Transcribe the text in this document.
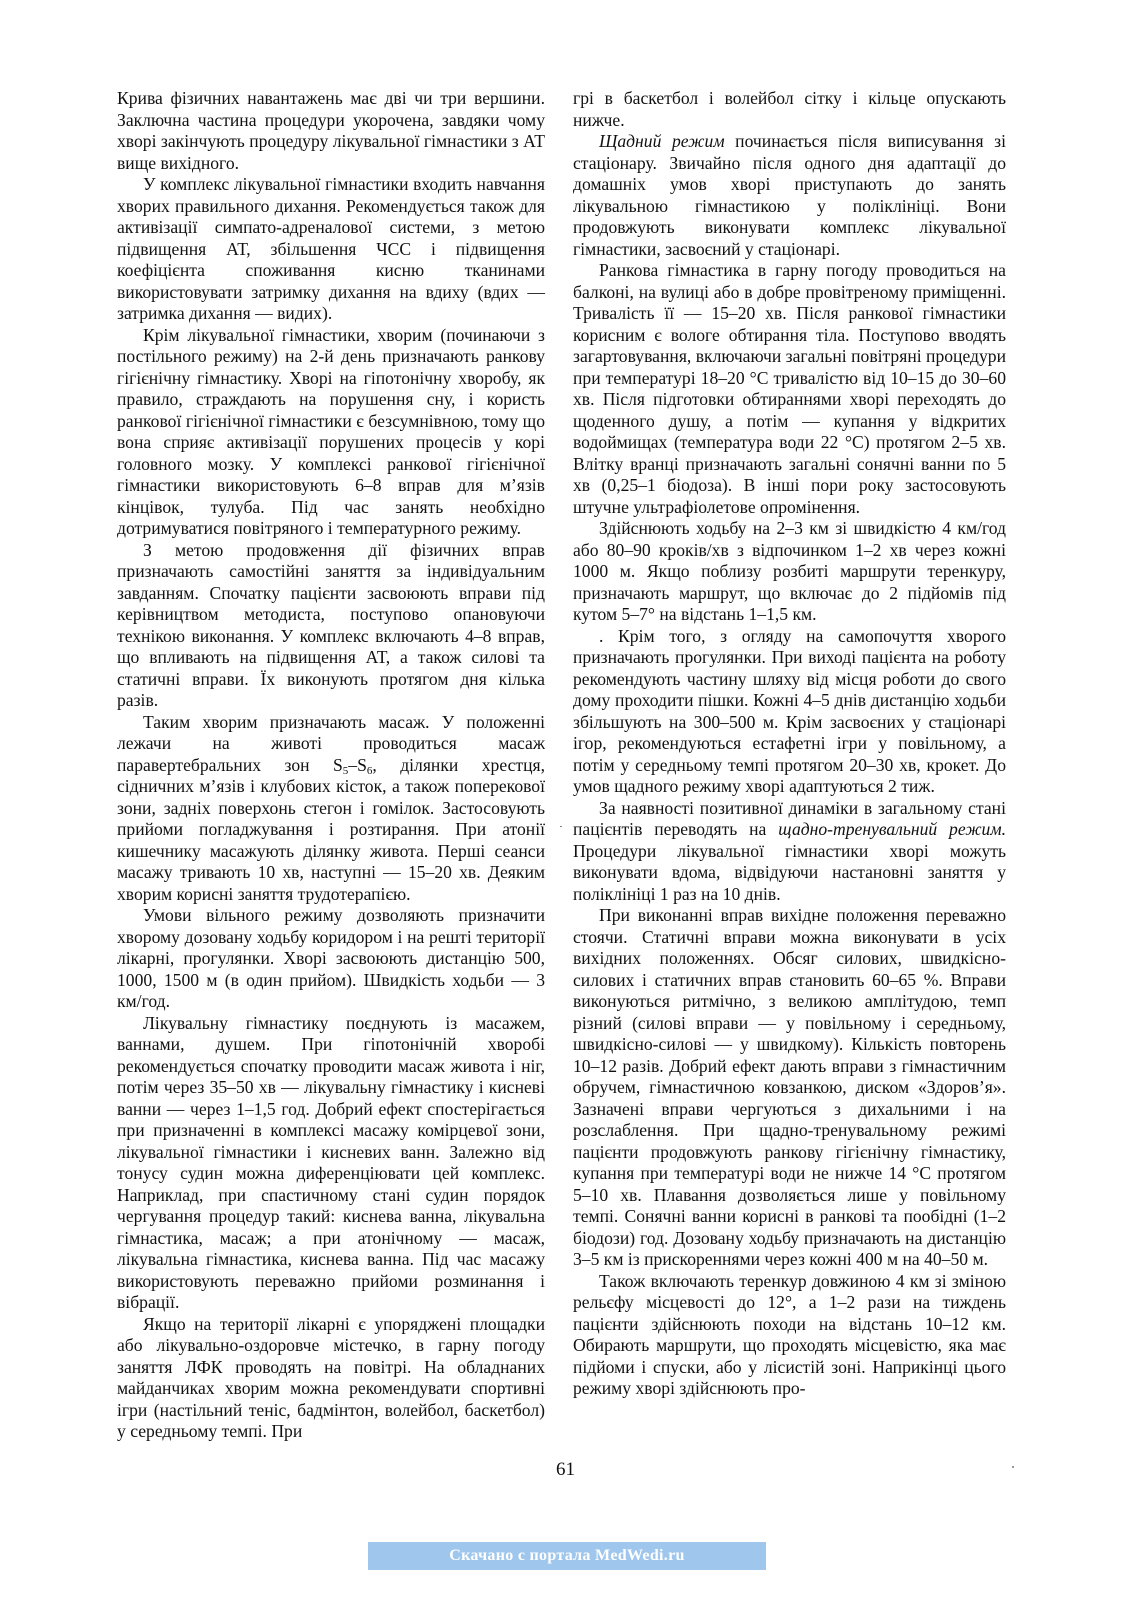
Крива фізичних навантажень має дві чи три вершини. Заключна частина процедури укорочена, завдяки чому хворі закінчують процедуру лікувальної гімнастики з АТ вище вихідного.

У комплекс лікувальної гімнастики входить навчання хворих правильного дихання. Рекомендується також для активізації симпато-адреналової системи, з метою підвищення АТ, збільшення ЧСС і підвищення коефіцієнта споживання кисню тканинами використовувати затримку дихання на вдиху (вдих — затримка дихання — видих).

Крім лікувальної гімнастики, хворим (починаючи з постільного режиму) на 2-й день призначають ранкову гігієнічну гімнастику. Хворі на гіпотонічну хворобу, як правило, страждають на порушення сну, і користь ранкової гігієнічної гімнастики є безсумнівною, тому що вона сприяє активізації порушених процесів у корі головного мозку. У комплексі ранкової гігієнічної гімнастики використовують 6–8 вправ для м’язів кінцівок, тулуба. Під час занять необхідно дотримуватися повітряного і температурного режиму.

З метою продовження дії фізичних вправ призначають самостійні заняття за індивідуальним завданням. Спочатку пацієнти засвоюють вправи під керівництвом методиста, поступово опановуючи технікою виконання. У комплекс включають 4–8 вправ, що впливають на підвищення АТ, а також силові та статичні вправи. Їх виконують протягом дня кілька разів.

Таким хворим призначають масаж. У положенні лежачи на животі проводиться масаж паравертебральних зон $S_5-S_6$, ділянки хрестця, сідничних м’язів і клубових кісток, а також поперекової зони, задніх поверхонь стегон і гомілок. Застосовують прийоми погладжування і розтирання. При атонії кишечнику масажують ділянку живота. Перші сеанси масажу тривають 10 хв, наступні — 15–20 хв. Деяким хворим корисні заняття трудотерапією.

Умови вільного режиму дозволяють призначити хворому дозовану ходьбу коридором і на решті території лікарні, прогулянки. Хворі засвоюють дистанцію 500, 1000, 1500 м (в один прийом). Швидкість ходьби — 3 км/год.

Лікувальну гімнастику поєднують із масажем, ваннами, душем. При гіпотонічній хворобі рекомендується спочатку проводити масаж живота і ніг, потім через 35–50 хв — лікувальну гімнастику і кисневі ванни — через 1–1,5 год. Добрий ефект спостерігається при призначенні в комплексі масажу комірцевої зони, лікувальної гімнастики і кисневих ванн. Залежно від тонусу судин можна диференціювати цей комплекс. Наприклад, при спастичному стані судин порядок чергування процедур такий: киснева ванна, лікувальна гімнастика, масаж; а при атонічному — масаж, лікувальна гімнастика, киснева ванна. Під час масажу використовують переважно прийоми розминання і вібрації.

Якщо на території лікарні є упоряджені площадки або лікувально-оздоровче містечко, в гарну погоду заняття ЛФК проводять на повітрі. На обладнаних майданчиках хворим можна рекомендувати спортивні ігри (настільний теніс, бадмінтон, волейбол, баскетбол) у середньому темпі. При

грі в баскетбол і волейбол сітку і кільце опускають нижче.

Щадний режим починається після виписування зі стаціонару. Звичайно після одного дня адаптації до домашніх умов хворі приступають до занять лікувальною гімнастикою у поліклініці. Вони продовжують виконувати комплекс лікувальної гімнастики, засвоєний у стаціонарі.

Ранкова гімнастика в гарну погоду проводиться на балконі, на вулиці або в добре провітреному приміщенні. Тривалість її — 15–20 хв. Після ранкової гімнастики корисним є вологе обтирання тіла. Поступово вводять загартовування, включаючи загальні повітряні процедури при температурі 18–20 °C тривалістю від 10–15 до 30–60 хв. Після підготовки обтираннями хворі переходять до щоденного душу, а потім — купання у відкритих водоймищах (температура води 22 °C) протягом 2–5 хв. Влітку вранці призначають загальні сонячні ванни по 5 хв (0,25–1 біодоза). В інші пори року застосовують штучне ультрафіолетове опромінення.

Здійснюють ходьбу на 2–3 км зі швидкістю 4 км/год або 80–90 кроків/хв з відпочинком 1–2 хв через кожні 1000 м. Якщо поблизу розбиті маршрути теренкуру, призначають маршрут, що включає до 2 підйомів під кутом 5–7° на відстань 1–1,5 км.

. Крім того, з огляду на самопочуття хворого призначають прогулянки. При виході пацієнта на роботу рекомендують частину шляху від місця роботи до свого дому проходити пішки. Кожні 4–5 днів дистанцію ходьби збільшують на 300–500 м. Крім засвоєних у стаціонарі ігор, рекомендуються естафетні ігри у повільному, а потім у середньому темпі протягом 20–30 хв, крокет. До умов щадного режиму хворі адаптуються 2 тиж.

За наявності позитивної динаміки в загальному стані пацієнтів переводять на щадно-тренувальний режим. Процедури лікувальної гімнастики хворі можуть виконувати вдома, відвідуючи настановні заняття у поліклініці 1 раз на 10 днів.

При виконанні вправ вихідне положення переважно стоячи. Статичні вправи можна виконувати в усіх вихідних положеннях. Обсяг силових, швидкісно-силових і статичних вправ становить 60–65 %. Вправи виконуються ритмічно, з великою амплітудою, темп різний (силові вправи — у повільному і середньому, швидкісно-силові — у швидкому). Кількість повторень 10–12 разів. Добрий ефект дають вправи з гімнастичним обручем, гімнастичною ковзанкою, диском «Здоров’я». Зазначені вправи чергуються з дихальними і на розслаблення. При щадно-тренувальному режимі пацієнти продовжують ранкову гігієнічну гімнастику, купання при температурі води не нижче 14 °C протягом 5–10 хв. Плавання дозволяється лише у повільному темпі. Сонячні ванни корисні в ранкові та пообідні (1–2 біодози) год. Дозовану ходьбу призначають на дистанцію 3–5 км із прискореннями через кожні 400 м на 40–50 м.

Також включають теренкур довжиною 4 км зі зміною рельєфу місцевості до 12°, а 1–2 рази на тиждень пацієнти здійснюють походи на відстань 10–12 км. Обирають маршрути, що проходять місцевістю, яка має підйоми і спуски, або у лісистій зоні. Наприкінці цього режиму хворі здійснюють про-

61
Скачано с портала MedWedi.ru
